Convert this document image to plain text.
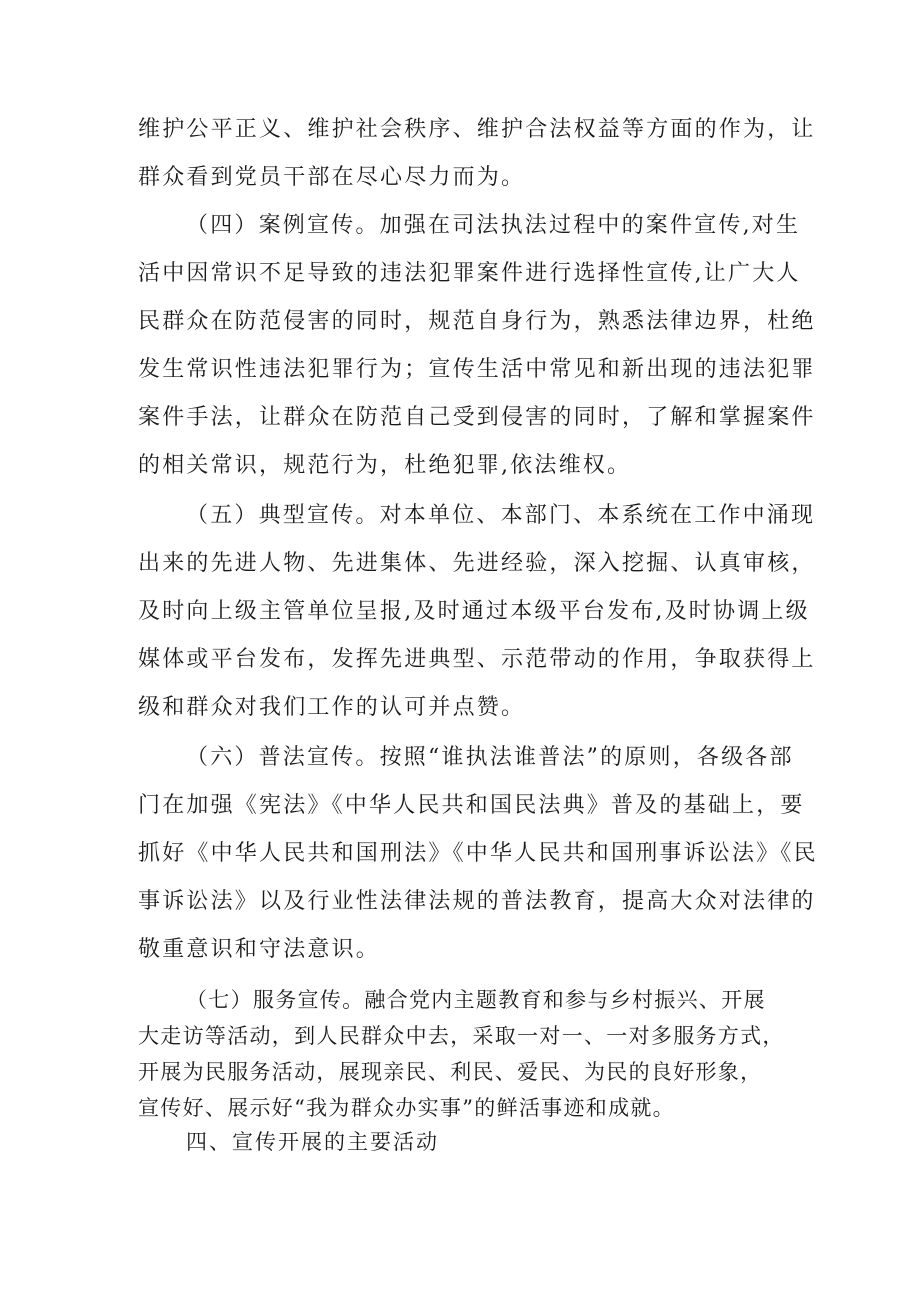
维护公平正义、维护社会秩序、维护合法权益等方面的作为，让
群众看到党员干部在尽心尽力而为。
（四）案例宣传。加强在司法执法过程中的案件宣传,对生
活中因常识不足导致的违法犯罪案件进行选择性宣传,让广大人
民群众在防范侵害的同时，规范自身行为，熟悉法律边界，杜绝
发生常识性违法犯罪行为；宣传生活中常见和新出现的违法犯罪
案件手法，让群众在防范自己受到侵害的同时，了解和掌握案件
的相关常识，规范行为，杜绝犯罪,依法维权。
（五）典型宣传。对本单位、本部门、本系统在工作中涌现
出来的先进人物、先进集体、先进经验，深入挖掘、认真审核，
及时向上级主管单位呈报,及时通过本级平台发布,及时协调上级
媒体或平台发布，发挥先进典型、示范带动的作用，争取获得上
级和群众对我们工作的认可并点赞。
（六）普法宣传。按照“谁执法谁普法”的原则，各级各部
门在加强《宪法》《中华人民共和国民法典》普及的基础上，要
抓好《中华人民共和国刑法》《中华人民共和国刑事诉讼法》《民
事诉讼法》以及行业性法律法规的普法教育，提高大众对法律的
敬重意识和守法意识。
（七）服务宣传。融合党内主题教育和参与乡村振兴、开展
大走访等活动，到人民群众中去，采取一对一、一对多服务方式，
开展为民服务活动，展现亲民、利民、爱民、为民的良好形象，
宣传好、展示好“我为群众办实事”的鲜活事迹和成就。
四、宣传开展的主要活动
